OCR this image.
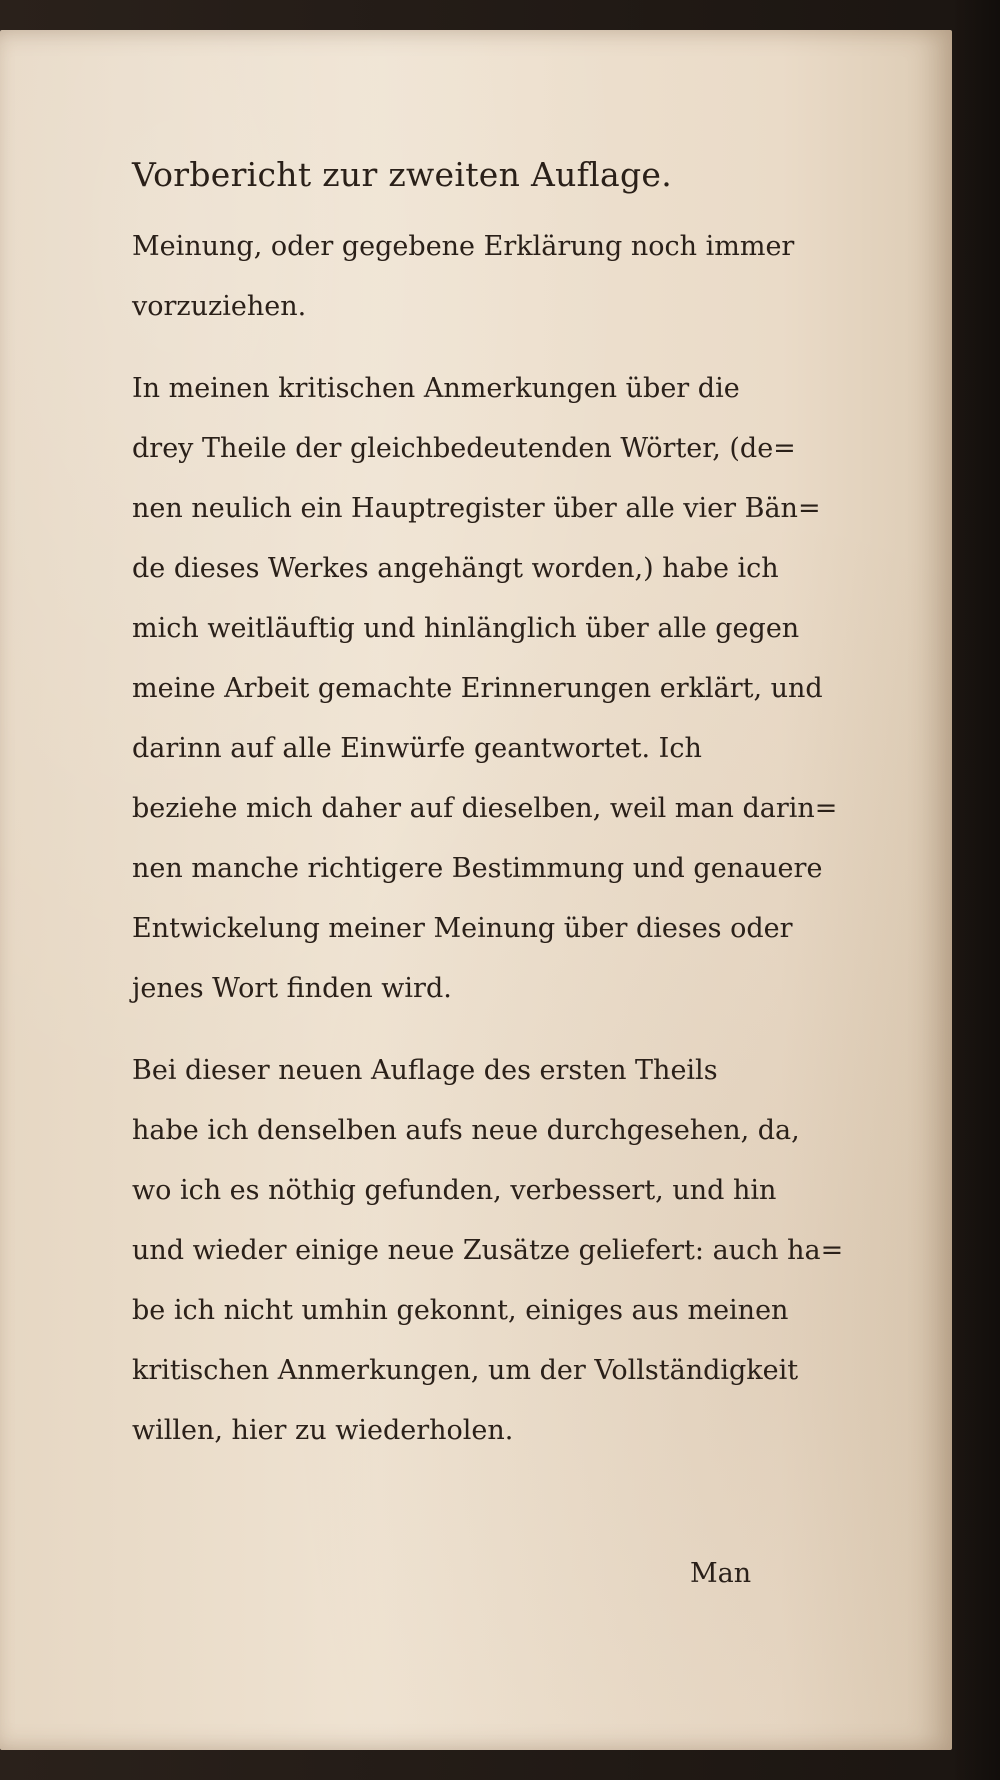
Vorbericht zur zweiten Auflage.
Meinung, oder gegebene Erklärung noch immer
vorzuziehen.
In meinen kritischen Anmerkungen über die
drey Theile der gleichbedeutenden Wörter, (de=
nen neulich ein Hauptregister über alle vier Bän=
de dieses Werkes angehängt worden,) habe ich
mich weitläuftig und hinlänglich über alle gegen
meine Arbeit gemachte Erinnerungen erklärt, und
darinn auf alle Einwürfe geantwortet. Ich
beziehe mich daher auf dieselben, weil man darin=
nen manche richtigere Bestimmung und genauere
Entwickelung meiner Meinung über dieses oder
jenes Wort finden wird.
Bei dieser neuen Auflage des ersten Theils
habe ich denselben aufs neue durchgesehen, da,
wo ich es nöthig gefunden, verbessert, und hin
und wieder einige neue Zusätze geliefert: auch ha=
be ich nicht umhin gekonnt, einiges aus meinen
kritischen Anmerkungen, um der Vollständigkeit
willen, hier zu wiederholen.
Man
